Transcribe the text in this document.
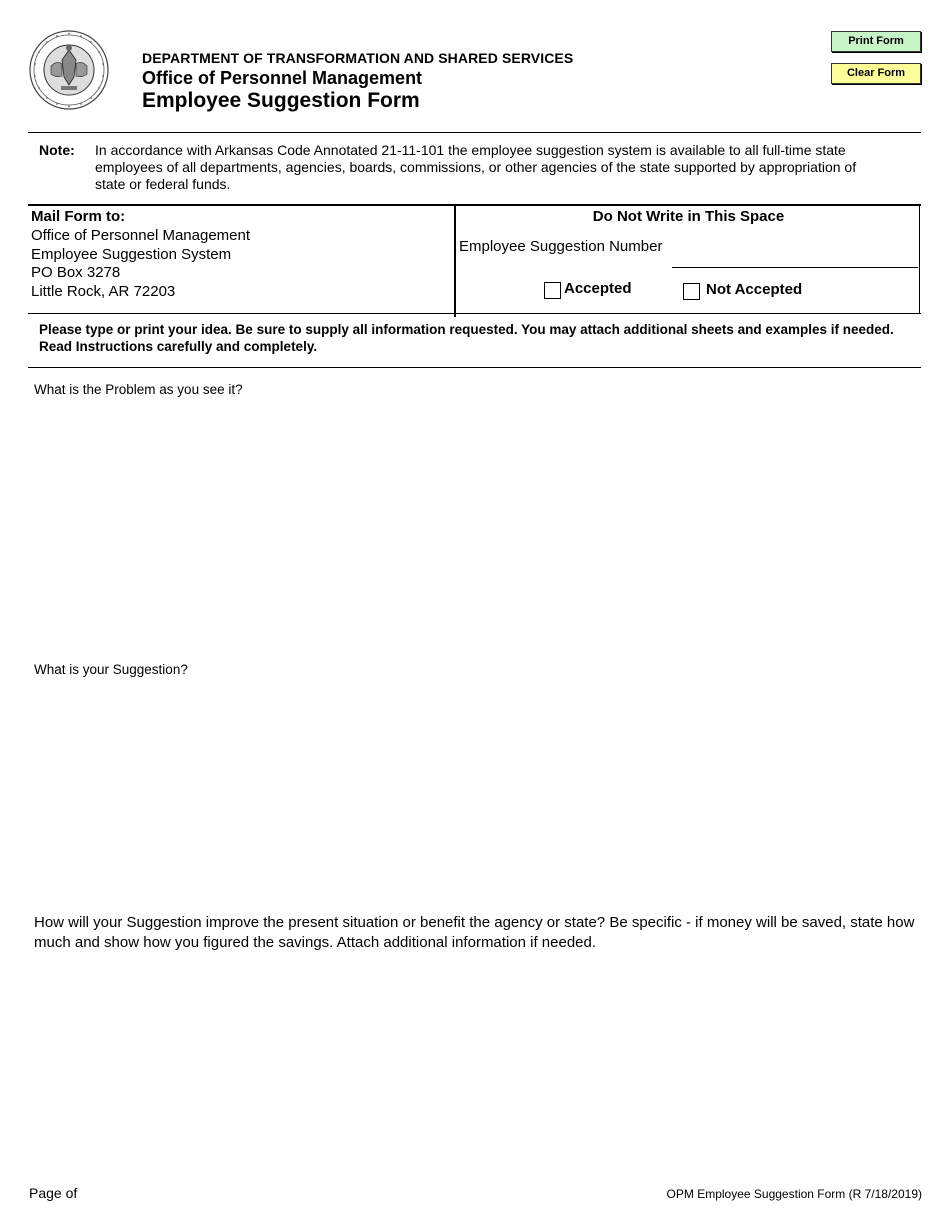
DEPARTMENT OF TRANSFORMATION AND SHARED SERVICES
Office of Personnel Management
Employee Suggestion Form
Print Form
Clear Form
Note: In accordance with Arkansas Code Annotated 21-11-101 the employee suggestion system is available to all full-time state employees of all departments, agencies, boards, commissions, or other agencies of the state supported by appropriation of state or federal funds.
Mail Form to:
Office of Personnel Management
Employee Suggestion System
PO Box 3278
Little Rock, AR 72203
Do Not Write in This Space
Employee Suggestion Number
Accepted	Not Accepted
Please type or print your idea. Be sure to supply all information requested. You may attach additional sheets and examples if needed. Read Instructions carefully and completely.
What is the Problem as you see it?
What is your Suggestion?
How will your Suggestion improve the present situation or benefit the agency or state? Be specific - if money will be saved, state how much and show how you figured the savings. Attach additional information if needed.
Page of	OPM Employee Suggestion Form (R 7/18/2019)
